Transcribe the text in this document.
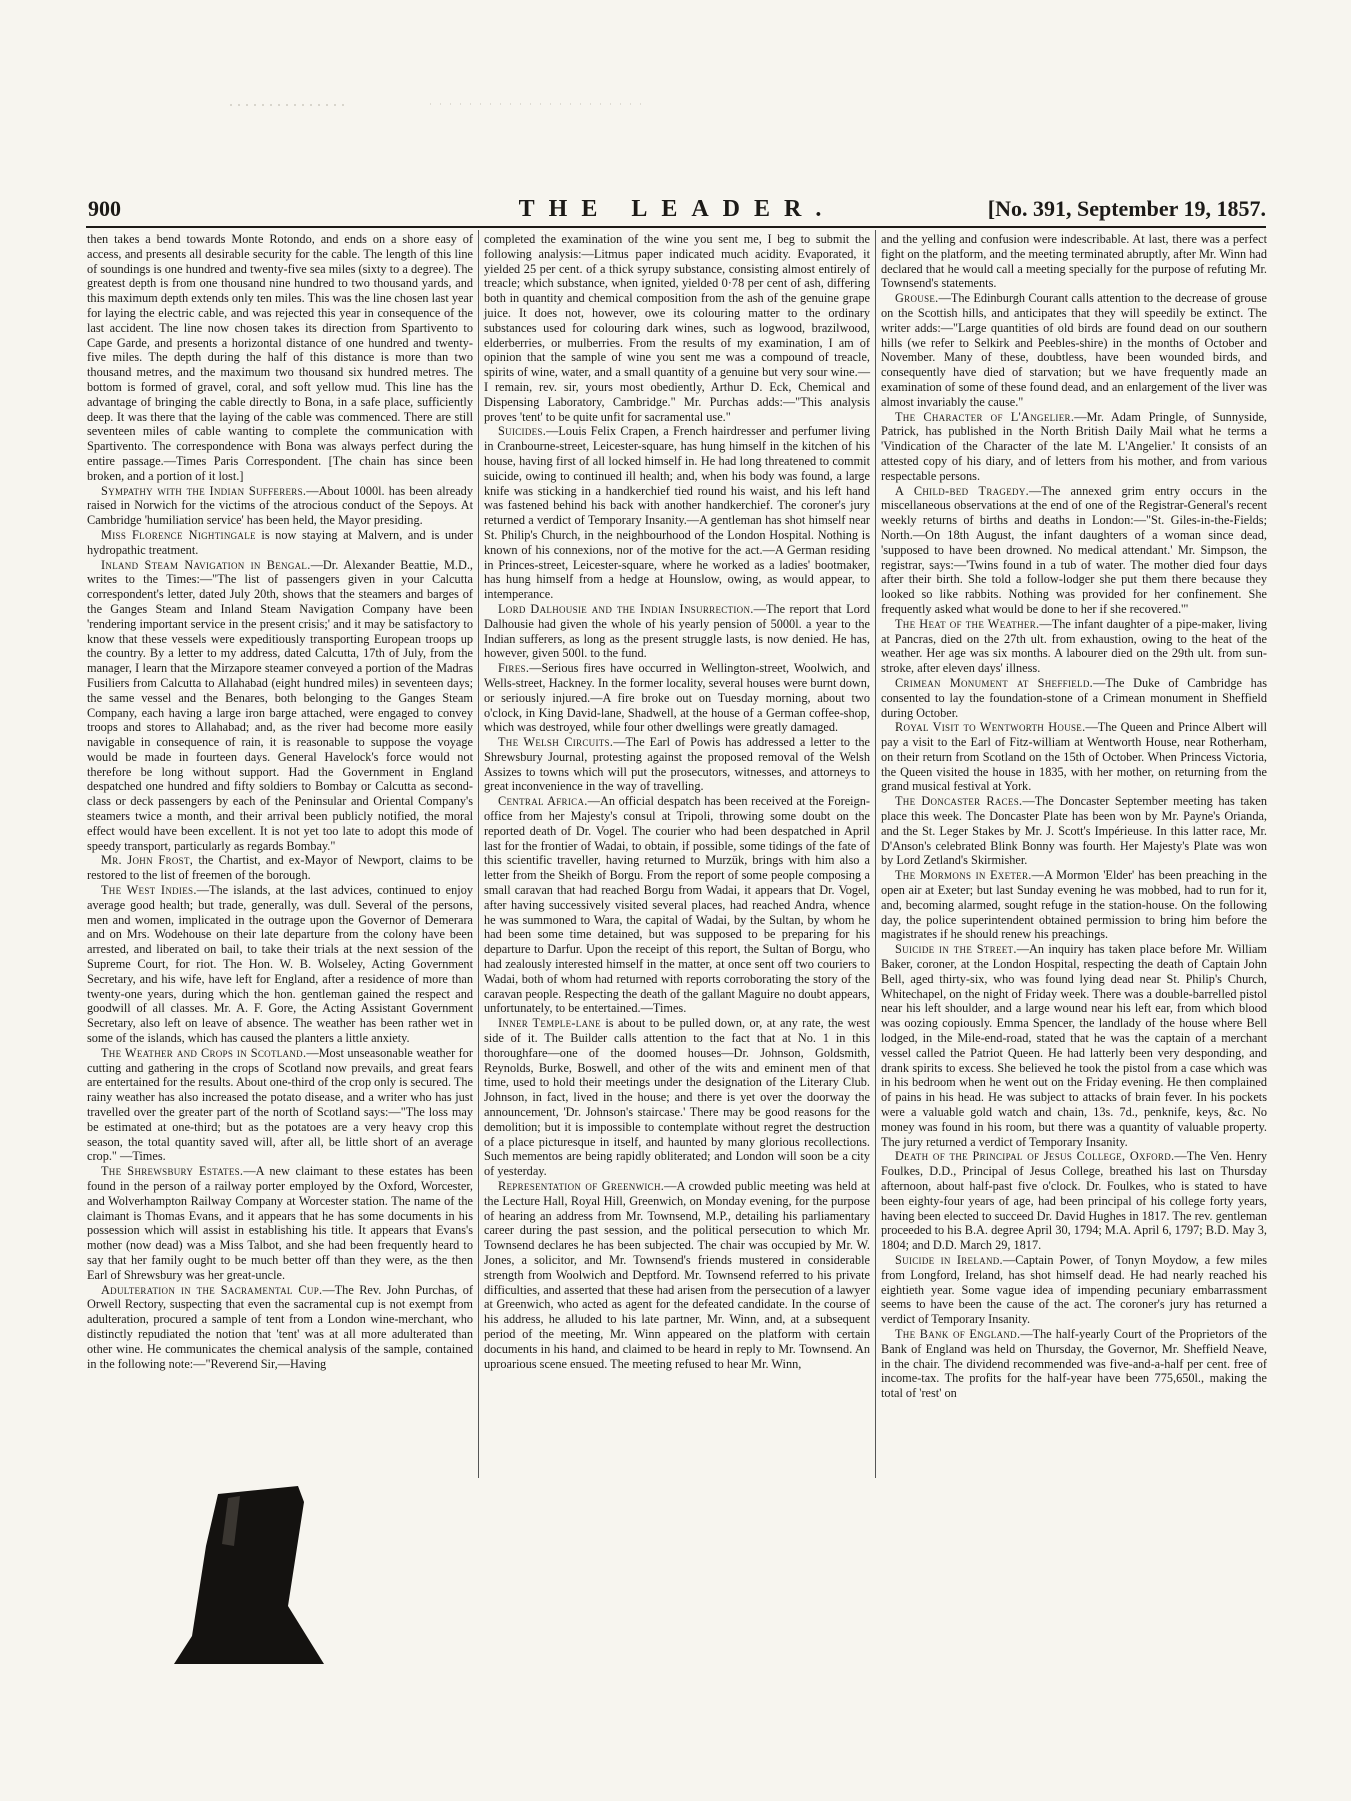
900	THE LEADER.	[No. 391, September 19, 1857.

then takes a bend towards Monte Rotondo, and ends on a shore easy of access, and presents all desirable security for the cable. The length of this line of soundings is one hundred and twenty-five sea miles (sixty to a degree). The greatest depth is from one thousand nine hundred to two thousand yards, and this maximum depth extends only ten miles. This was the line chosen last year for laying the electric cable, and was rejected this year in consequence of the last accident. The line now chosen takes its direction from Spartivento to Cape Garde, and presents a horizontal distance of one hundred and twenty-five miles. The depth during the half of this distance is more than two thousand metres, and the maximum two thousand six hundred metres. The bottom is formed of gravel, coral, and soft yellow mud. This line has the advantage of bringing the cable directly to Bona, in a safe place, sufficiently deep. It was there that the laying of the cable was commenced. There are still seventeen miles of cable wanting to complete the communication with Spartivento. The correspondence with Bona was always perfect during the entire passage.—Times Paris Correspondent. [The chain has since been broken, and a portion of it lost.]

Sympathy with the Indian Sufferers.—About 1000l. has been already raised in Norwich for the victims of the atrocious conduct of the Sepoys. At Cambridge 'humiliation service' has been held, the Mayor presiding.

Miss Florence Nightingale is now staying at Malvern, and is under hydropathic treatment.

Inland Steam Navigation in Bengal.—Dr. Alexander Beattie, M.D., writes to the Times:—"The list of passengers given in your Calcutta correspondent's letter, dated July 20th, shows that the steamers and barges of the Ganges Steam and Inland Steam Navigation Company have been 'rendering important service in the present crisis;' and it may be satisfactory to know that these vessels were expeditiously transporting European troops up the country. By a letter to my address, dated Calcutta, 17th of July, from the manager, I learn that the Mirzapore steamer conveyed a portion of the Madras Fusiliers from Calcutta to Allahabad (eight hundred miles) in seventeen days; the same vessel and the Benares, both belonging to the Ganges Steam Company, each having a large iron barge attached, were engaged to convey troops and stores to Allahabad; and, as the river had become more easily navigable in consequence of rain, it is reasonable to suppose the voyage would be made in fourteen days. General Havelock's force would not therefore be long without support. Had the Government in England despatched one hundred and fifty soldiers to Bombay or Calcutta as second-class or deck passengers by each of the Peninsular and Oriental Company's steamers twice a month, and their arrival been publicly notified, the moral effect would have been excellent. It is not yet too late to adopt this mode of speedy transport, particularly as regards Bombay."

Mr. John Frost, the Chartist, and ex-Mayor of Newport, claims to be restored to the list of freemen of the borough.

The West Indies.—The islands, at the last advices, continued to enjoy average good health; but trade, generally, was dull. Several of the persons, men and women, implicated in the outrage upon the Governor of Demerara and on Mrs. Wodehouse on their late departure from the colony have been arrested, and liberated on bail, to take their trials at the next session of the Supreme Court, for riot. The Hon. W. B. Wolseley, Acting Government Secretary, and his wife, have left for England, after a residence of more than twenty-one years, during which the hon. gentleman gained the respect and goodwill of all classes. Mr. A. F. Gore, the Acting Assistant Government Secretary, also left on leave of absence. The weather has been rather wet in some of the islands, which has caused the planters a little anxiety.

The Weather and Crops in Scotland.—Most unseasonable weather for cutting and gathering in the crops of Scotland now prevails, and great fears are entertained for the results. About one-third of the crop only is secured. The rainy weather has also increased the potato disease, and a writer who has just travelled over the greater part of the north of Scotland says:—"The loss may be estimated at one-third; but as the potatoes are a very heavy crop this season, the total quantity saved will, after all, be little short of an average crop." —Times.

The Shrewsbury Estates.—A new claimant to these estates has been found in the person of a railway porter employed by the Oxford, Worcester, and Wolverhampton Railway Company at Worcester station. The name of the claimant is Thomas Evans, and it appears that he has some documents in his possession which will assist in establishing his title. It appears that Evans's mother (now dead) was a Miss Talbot, and she had been frequently heard to say that her family ought to be much better off than they were, as the then Earl of Shrewsbury was her great-uncle.

Adulteration in the Sacramental Cup.—The Rev. John Purchas, of Orwell Rectory, suspecting that even the sacramental cup is not exempt from adulteration, procured a sample of tent from a London wine-merchant, who distinctly repudiated the notion that 'tent' was at all more adulterated than other wine. He communicates the chemical analysis of the sample, contained in the following note:—"Reverend Sir,—Having

completed the examination of the wine you sent me, I beg to submit the following analysis:—Litmus paper indicated much acidity. Evaporated, it yielded 25 per cent. of a thick syrupy substance, consisting almost entirely of treacle; which substance, when ignited, yielded 0·78 per cent of ash, differing both in quantity and chemical composition from the ash of the genuine grape juice. It does not, however, owe its colouring matter to the ordinary substances used for colouring dark wines, such as logwood, brazilwood, elderberries, or mulberries. From the results of my examination, I am of opinion that the sample of wine you sent me was a compound of treacle, spirits of wine, water, and a small quantity of a genuine but very sour wine.—I remain, rev. sir, yours most obediently, Arthur D. Eck, Chemical and Dispensing Laboratory, Cambridge." Mr. Purchas adds:—"This analysis proves 'tent' to be quite unfit for sacramental use."

Suicides.—Louis Felix Crapen, a French hairdresser and perfumer living in Cranbourne-street, Leicester-square, has hung himself in the kitchen of his house, having first of all locked himself in. He had long threatened to commit suicide, owing to continued ill health; and, when his body was found, a large knife was sticking in a handkerchief tied round his waist, and his left hand was fastened behind his back with another handkerchief. The coroner's jury returned a verdict of Temporary Insanity.—A gentleman has shot himself near St. Philip's Church, in the neighbourhood of the London Hospital. Nothing is known of his connexions, nor of the motive for the act.—A German residing in Princes-street, Leicester-square, where he worked as a ladies' bootmaker, has hung himself from a hedge at Hounslow, owing, as would appear, to intemperance.

Lord Dalhousie and the Indian Insurrection.—The report that Lord Dalhousie had given the whole of his yearly pension of 5000l. a year to the Indian sufferers, as long as the present struggle lasts, is now denied. He has, however, given 500l. to the fund.

Fires.—Serious fires have occurred in Wellington-street, Woolwich, and Wells-street, Hackney. In the former locality, several houses were burnt down, or seriously injured.—A fire broke out on Tuesday morning, about two o'clock, in King David-lane, Shadwell, at the house of a German coffee-shop, which was destroyed, while four other dwellings were greatly damaged.

The Welsh Circuits.—The Earl of Powis has addressed a letter to the Shrewsbury Journal, protesting against the proposed removal of the Welsh Assizes to towns which will put the prosecutors, witnesses, and attorneys to great inconvenience in the way of travelling.

Central Africa.—An official despatch has been received at the Foreign-office from her Majesty's consul at Tripoli, throwing some doubt on the reported death of Dr. Vogel. The courier who had been despatched in April last for the frontier of Wadai, to obtain, if possible, some tidings of the fate of this scientific traveller, having returned to Murzük, brings with him also a letter from the Sheikh of Borgu. From the report of some people composing a small caravan that had reached Borgu from Wadai, it appears that Dr. Vogel, after having successively visited several places, had reached Andra, whence he was summoned to Wara, the capital of Wadai, by the Sultan, by whom he had been some time detained, but was supposed to be preparing for his departure to Darfur. Upon the receipt of this report, the Sultan of Borgu, who had zealously interested himself in the matter, at once sent off two couriers to Wadai, both of whom had returned with reports corroborating the story of the caravan people. Respecting the death of the gallant Maguire no doubt appears, unfortunately, to be entertained.—Times.

Inner Temple-lane is about to be pulled down, or, at any rate, the west side of it. The Builder calls attention to the fact that at No. 1 in this thoroughfare—one of the doomed houses—Dr. Johnson, Goldsmith, Reynolds, Burke, Boswell, and other of the wits and eminent men of that time, used to hold their meetings under the designation of the Literary Club. Johnson, in fact, lived in the house; and there is yet over the doorway the announcement, 'Dr. Johnson's staircase.' There may be good reasons for the demolition; but it is impossible to contemplate without regret the destruction of a place picturesque in itself, and haunted by many glorious recollections. Such mementos are being rapidly obliterated; and London will soon be a city of yesterday.

Representation of Greenwich.—A crowded public meeting was held at the Lecture Hall, Royal Hill, Greenwich, on Monday evening, for the purpose of hearing an address from Mr. Townsend, M.P., detailing his parliamentary career during the past session, and the political persecution to which Mr. Townsend declares he has been subjected. The chair was occupied by Mr. W. Jones, a solicitor, and Mr. Townsend's friends mustered in considerable strength from Woolwich and Deptford. Mr. Townsend referred to his private difficulties, and asserted that these had arisen from the persecution of a lawyer at Greenwich, who acted as agent for the defeated candidate. In the course of his address, he alluded to his late partner, Mr. Winn, and, at a subsequent period of the meeting, Mr. Winn appeared on the platform with certain documents in his hand, and claimed to be heard in reply to Mr. Townsend. An uproarious scene ensued. The meeting refused to hear Mr. Winn,

and the yelling and confusion were indescribable. At last, there was a perfect fight on the platform, and the meeting terminated abruptly, after Mr. Winn had declared that he would call a meeting specially for the purpose of refuting Mr. Townsend's statements.

Grouse.—The Edinburgh Courant calls attention to the decrease of grouse on the Scottish hills, and anticipates that they will speedily be extinct. The writer adds:—"Large quantities of old birds are found dead on our southern hills (we refer to Selkirk and Peebles-shire) in the months of October and November. Many of these, doubtless, have been wounded birds, and consequently have died of starvation; but we have frequently made an examination of some of these found dead, and an enlargement of the liver was almost invariably the cause."

The Character of L'Angelier.—Mr. Adam Pringle, of Sunnyside, Patrick, has published in the North British Daily Mail what he terms a 'Vindication of the Character of the late M. L'Angelier.' It consists of an attested copy of his diary, and of letters from his mother, and from various respectable persons.

A Child-bed Tragedy.—The annexed grim entry occurs in the miscellaneous observations at the end of one of the Registrar-General's recent weekly returns of births and deaths in London:—"St. Giles-in-the-Fields; North.—On 18th August, the infant daughters of a woman since dead, 'supposed to have been drowned. No medical attendant.' Mr. Simpson, the registrar, says:—'Twins found in a tub of water. The mother died four days after their birth. She told a follow-lodger she put them there because they looked so like rabbits. Nothing was provided for her confinement. She frequently asked what would be done to her if she recovered.'"

The Heat of the Weather.—The infant daughter of a pipe-maker, living at Pancras, died on the 27th ult. from exhaustion, owing to the heat of the weather. Her age was six months. A labourer died on the 29th ult. from sun-stroke, after eleven days' illness.

Crimean Monument at Sheffield.—The Duke of Cambridge has consented to lay the foundation-stone of a Crimean monument in Sheffield during October.

Royal Visit to Wentworth House.—The Queen and Prince Albert will pay a visit to the Earl of Fitz-william at Wentworth House, near Rotherham, on their return from Scotland on the 15th of October. When Princess Victoria, the Queen visited the house in 1835, with her mother, on returning from the grand musical festival at York.

The Doncaster Races.—The Doncaster September meeting has taken place this week. The Doncaster Plate has been won by Mr. Payne's Orianda, and the St. Leger Stakes by Mr. J. Scott's Impérieuse. In this latter race, Mr. D'Anson's celebrated Blink Bonny was fourth. Her Majesty's Plate was won by Lord Zetland's Skirmisher.

The Mormons in Exeter.—A Mormon 'Elder' has been preaching in the open air at Exeter; but last Sunday evening he was mobbed, had to run for it, and, becoming alarmed, sought refuge in the station-house. On the following day, the police superintendent obtained permission to bring him before the magistrates if he should renew his preachings.

Suicide in the Street.—An inquiry has taken place before Mr. William Baker, coroner, at the London Hospital, respecting the death of Captain John Bell, aged thirty-six, who was found lying dead near St. Philip's Church, Whitechapel, on the night of Friday week. There was a double-barrelled pistol near his left shoulder, and a large wound near his left ear, from which blood was oozing copiously. Emma Spencer, the landlady of the house where Bell lodged, in the Mile-end-road, stated that he was the captain of a merchant vessel called the Patriot Queen. He had latterly been very desponding, and drank spirits to excess. She believed he took the pistol from a case which was in his bedroom when he went out on the Friday evening. He then complained of pains in his head. He was subject to attacks of brain fever. In his pockets were a valuable gold watch and chain, 13s. 7d., penknife, keys, &c. No money was found in his room, but there was a quantity of valuable property. The jury returned a verdict of Temporary Insanity.

Death of the Principal of Jesus College, Oxford.—The Ven. Henry Foulkes, D.D., Principal of Jesus College, breathed his last on Thursday afternoon, about half-past five o'clock. Dr. Foulkes, who is stated to have been eighty-four years of age, had been principal of his college forty years, having been elected to succeed Dr. David Hughes in 1817. The rev. gentleman proceeded to his B.A. degree April 30, 1794; M.A. April 6, 1797; B.D. May 3, 1804; and D.D. March 29, 1817.

Suicide in Ireland.—Captain Power, of Tonyn Moydow, a few miles from Longford, Ireland, has shot himself dead. He had nearly reached his eightieth year. Some vague idea of impending pecuniary embarrassment seems to have been the cause of the act. The coroner's jury has returned a verdict of Temporary Insanity.

The Bank of England.—The half-yearly Court of the Proprietors of the Bank of England was held on Thursday, the Governor, Mr. Sheffield Neave, in the chair. The dividend recommended was five-and-a-half per cent. free of income-tax. The profits for the half-year have been 775,650l., making the total of 'rest' on
